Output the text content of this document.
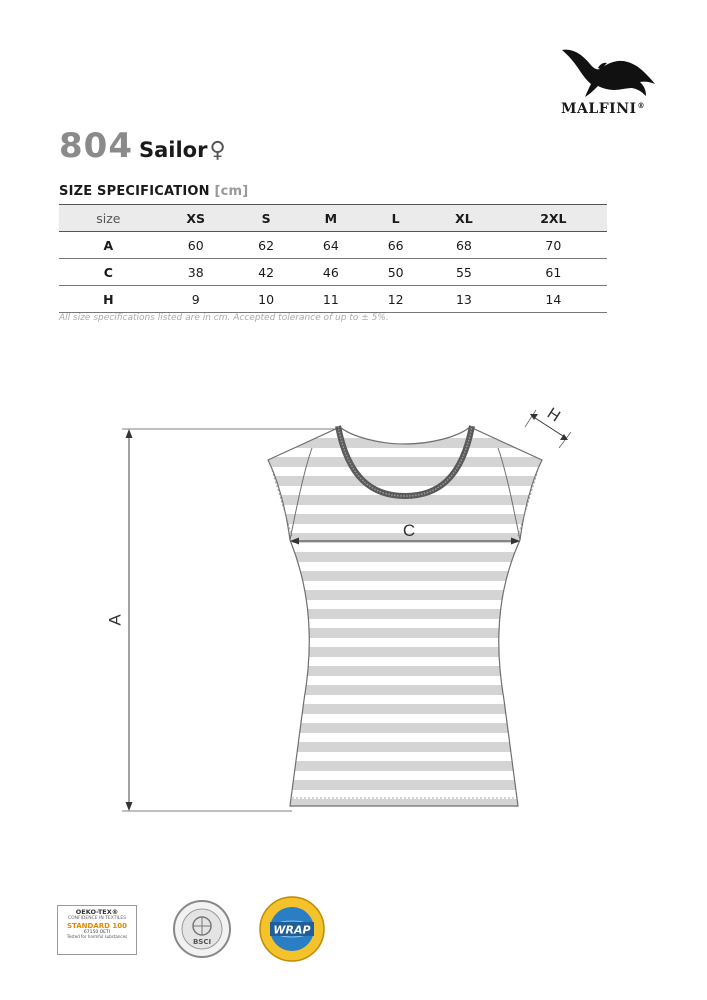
MALFINI®
804 Sailor♀
SIZE SPECIFICATION [cm]
size	XS	S	M	L	XL	2XL
A	60	62	64	66	68	70
C	38	42	46	50	55	61
H	9	10	11	12	13	14
All size specifications listed are in cm. Accepted tolerance of up to ± 5%.
A
C
H
OEKO-TEX®
CONFIDENCE IN TEXTILES
STANDARD 100
67150 OETI
Tested for harmful substances
BSCI
WRAP
